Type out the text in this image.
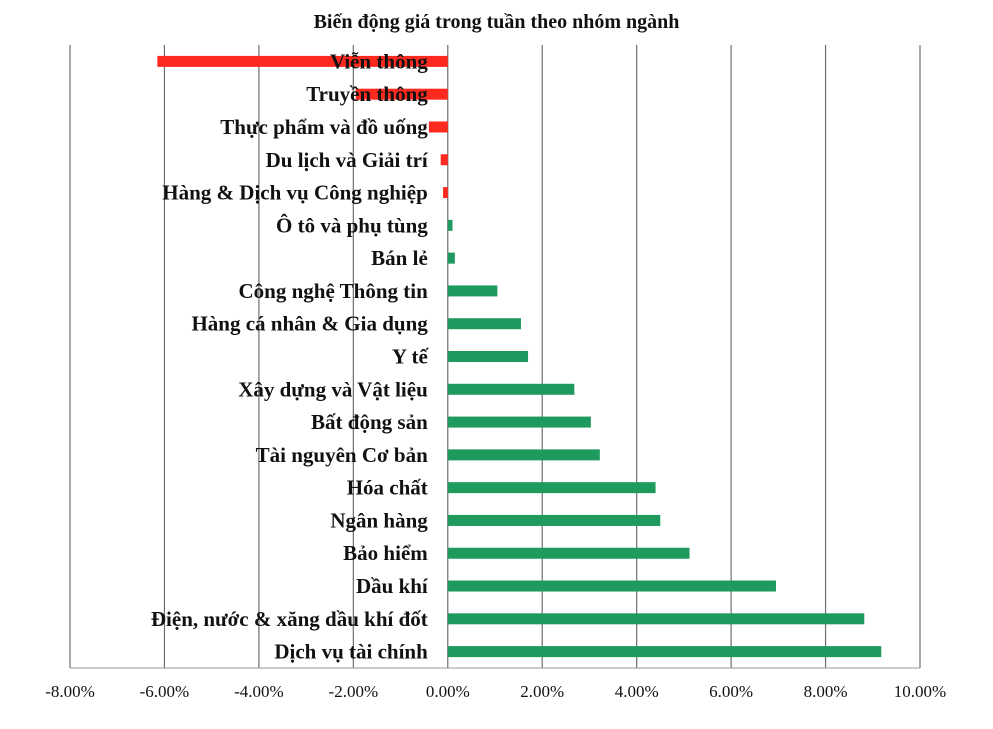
Biến động giá trong tuần theo nhóm ngành
-8.00%	-6.00%	-4.00%	-2.00%	0.00%	2.00%	4.00%	6.00%	8.00%	10.00%
Viễn thông
Truyền thông
Thực phẩm và đồ uống
Du lịch và Giải trí
Hàng & Dịch vụ Công nghiệp
Ô tô và phụ tùng
Bán lẻ
Công nghệ Thông tin
Hàng cá nhân & Gia dụng
Y tế
Xây dựng và Vật liệu
Bất động sản
Tài nguyên Cơ bản
Hóa chất
Ngân hàng
Bảo hiểm
Dầu khí
Điện, nước & xăng dầu khí đốt
Dịch vụ tài chính
